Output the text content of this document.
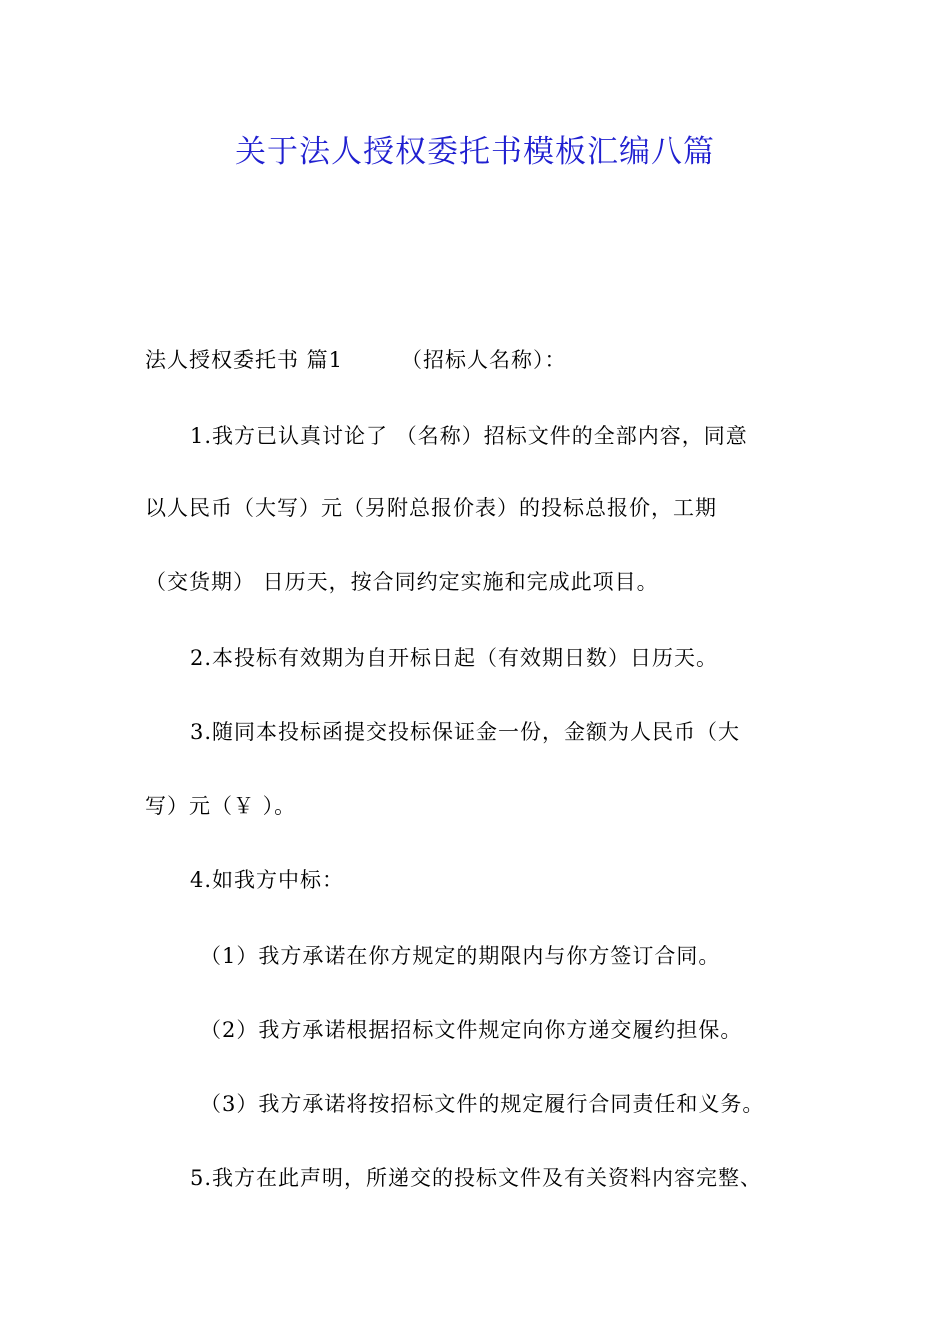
关于法人授权委托书模板汇编八篇
法人授权委托书 篇1	（招标人名称）：
1.我方已认真讨论了 （名称）招标文件的全部内容，同意
以人民币（大写）元（另附总报价表）的投标总报价，工期
（交货期） 日历天，按合同约定实施和完成此项目。
2.本投标有效期为自开标日起（有效期日数）日历天。
3.随同本投标函提交投标保证金一份，金额为人民币（大
写）元（￥ ）。
4.如我方中标：
（1）我方承诺在你方规定的期限内与你方签订合同。
（2）我方承诺根据招标文件规定向你方递交履约担保。
（3）我方承诺将按招标文件的规定履行合同责任和义务。
5.我方在此声明，所递交的投标文件及有关资料内容完整、
